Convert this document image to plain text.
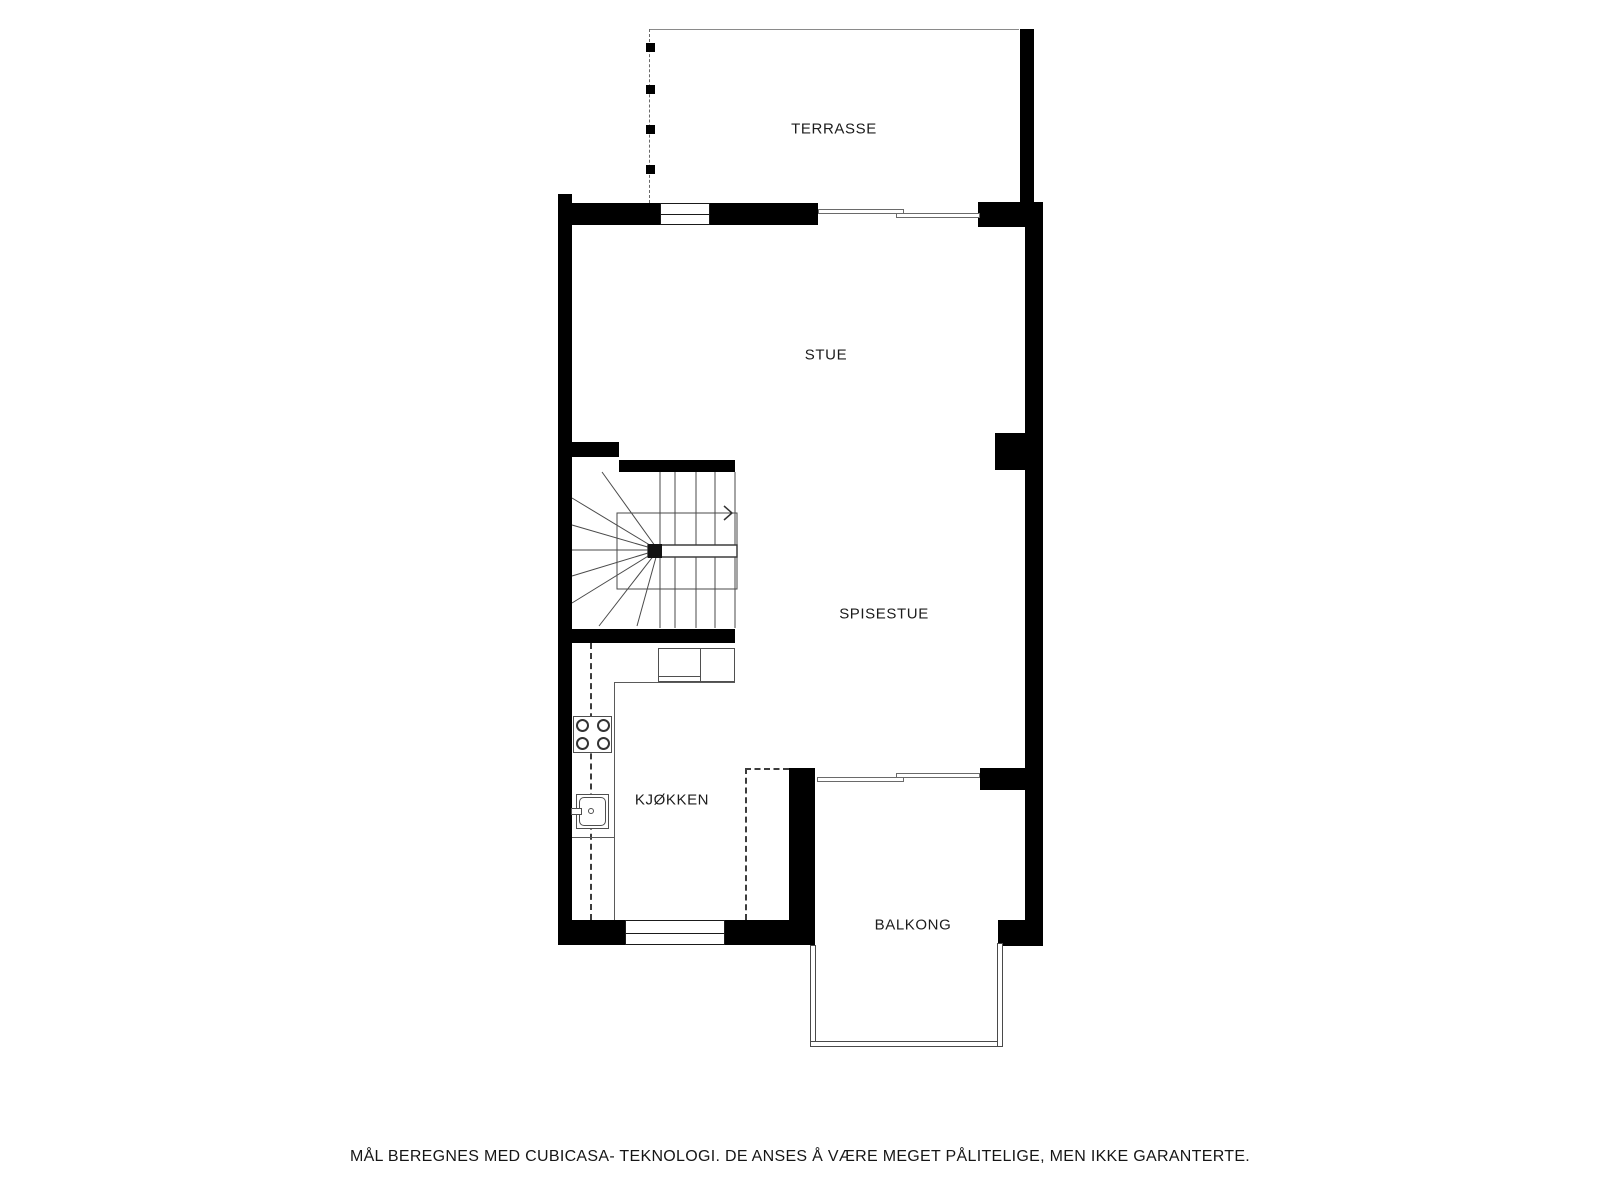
TERRASSE
STUE
SPISESTUE
KJØKKEN
BALKONG
MÅL BEREGNES MED CUBICASA- TEKNOLOGI. DE ANSES Å VÆRE MEGET PÅLITELIGE, MEN IKKE GARANTERTE.
